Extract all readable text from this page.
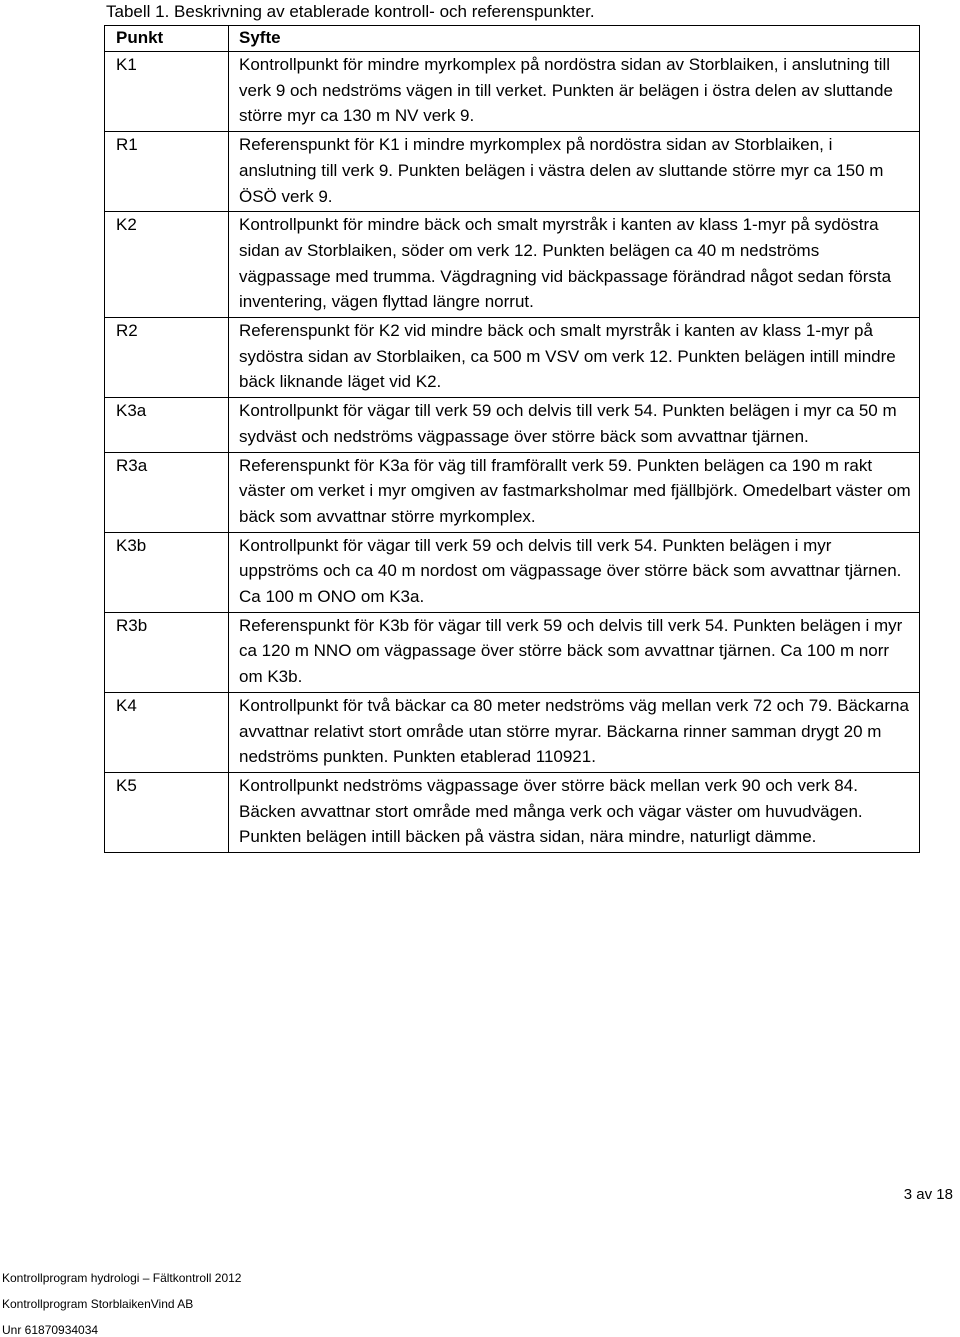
Tabell 1. Beskrivning av etablerade kontroll- och referenspunkter.
Punkt	Syfte
K1	Kontrollpunkt för mindre myrkomplex på nordöstra sidan av Storblaiken, i anslutning till verk 9 och nedströms vägen in till verket. Punkten är belägen i östra delen av sluttande större myr ca 130 m NV verk 9.
R1	Referenspunkt för K1 i mindre myrkomplex på nordöstra sidan av Storblaiken, i anslutning till verk 9. Punkten belägen i västra delen av sluttande större myr ca 150 m ÖSÖ verk 9.
K2	Kontrollpunkt för mindre bäck och smalt myrstråk i kanten av klass 1-myr på sydöstra sidan av Storblaiken, söder om verk 12. Punkten belägen ca 40 m nedströms vägpassage med trumma. Vägdragning vid bäckpassage förändrad något sedan första inventering, vägen flyttad längre norrut.
R2	Referenspunkt för K2 vid mindre bäck och smalt myrstråk i kanten av klass 1-myr på sydöstra sidan av Storblaiken, ca 500 m VSV om verk 12. Punkten belägen intill mindre bäck liknande läget vid K2.
K3a	Kontrollpunkt för vägar till verk 59 och delvis till verk 54. Punkten belägen i myr ca 50 m sydväst och nedströms vägpassage över större bäck som avvattnar tjärnen.
R3a	Referenspunkt för K3a för väg till framförallt verk 59. Punkten belägen ca 190 m rakt väster om verket i myr omgiven av fastmarksholmar med fjällbjörk. Omedelbart väster om bäck som avvattnar större myrkomplex.
K3b	Kontrollpunkt för vägar till verk 59 och delvis till verk 54. Punkten belägen i myr uppströms och ca 40 m nordost om vägpassage över större bäck som avvattnar tjärnen. Ca 100 m ONO om K3a.
R3b	Referenspunkt för K3b för vägar till verk 59 och delvis till verk 54. Punkten belägen i myr ca 120 m NNO om vägpassage över större bäck som avvattnar tjärnen. Ca 100 m norr om K3b.
K4	Kontrollpunkt för två bäckar ca 80 meter nedströms väg mellan verk 72 och 79. Bäckarna avvattnar relativt stort område utan större myrar. Bäckarna rinner samman drygt 20 m nedströms punkten. Punkten etablerad 110921.
K5	Kontrollpunkt nedströms vägpassage över större bäck mellan verk 90 och verk 84. Bäcken avvattnar stort område med många verk och vägar väster om huvudvägen. Punkten belägen intill bäcken på västra sidan, nära mindre, naturligt dämme.
3 av 18
Kontrollprogram hydrologi – Fältkontroll 2012
Kontrollprogram StorblaikenVind AB
Unr 61870934034
